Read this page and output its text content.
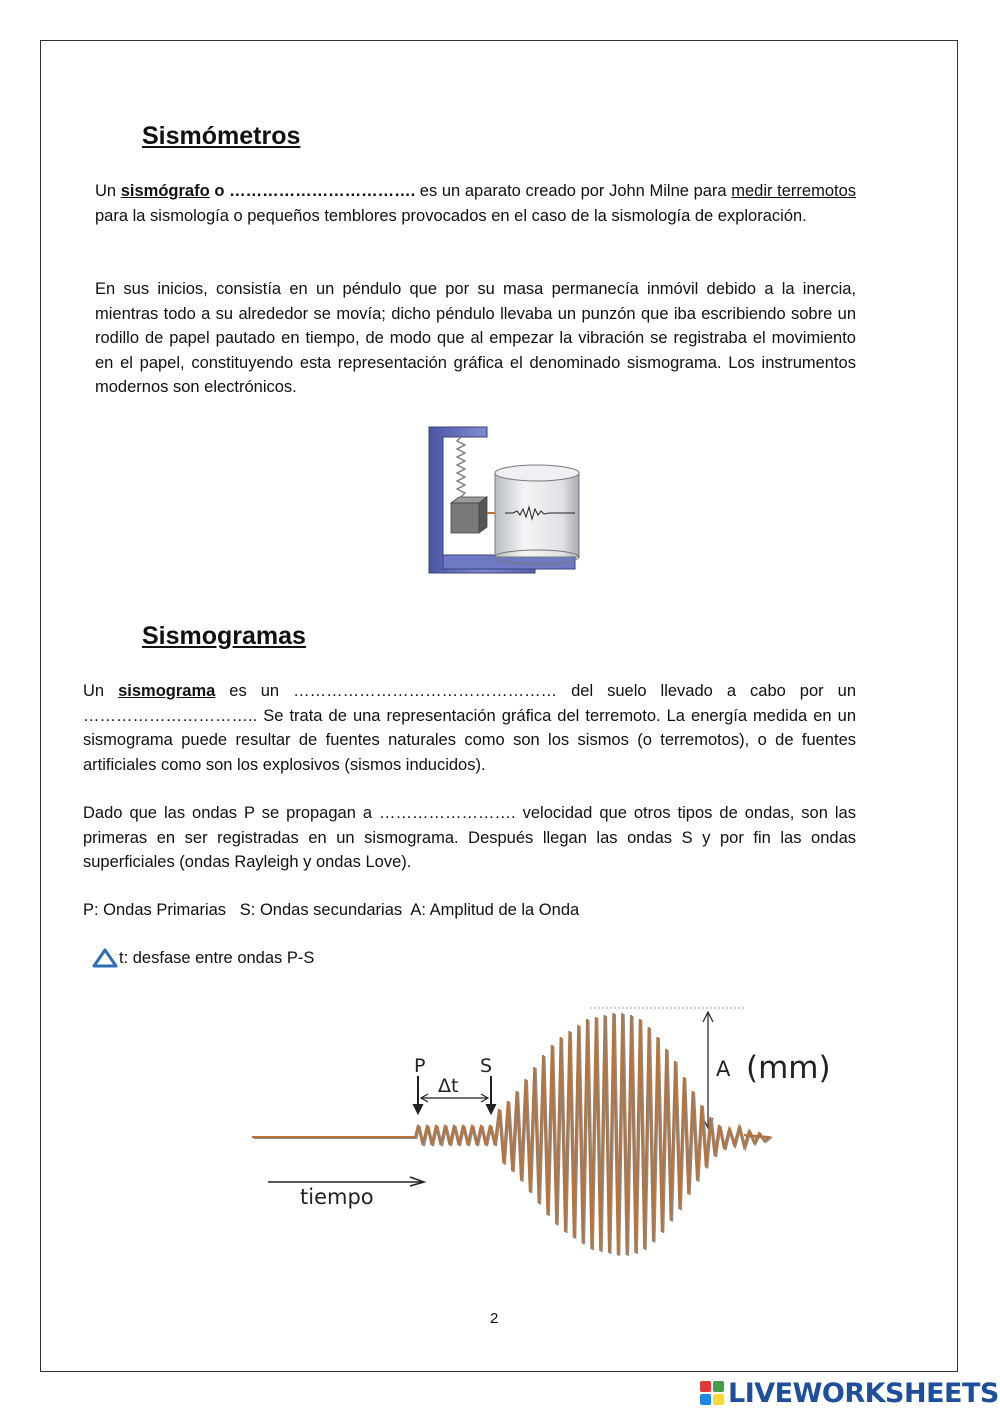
Sismómetros

Un sismógrafo o ……………………………. es un aparato creado por John Milne para medir terremotos para la sismología o pequeños temblores provocados en el caso de la sismología de exploración.

En sus inicios, consistía en un péndulo que por su masa permanecía inmóvil debido a la inercia, mientras todo a su alrededor se movía; dicho péndulo llevaba un punzón que iba escribiendo sobre un rodillo de papel pautado en tiempo, de modo que al empezar la vibración se registraba el movimiento en el papel, constituyendo esta representación gráfica el denominado sismograma. Los instrumentos modernos son electrónicos.

Sismogramas

Un sismograma es un ………………………………………… del suelo llevado a cabo por un ………………………….. Se trata de una representación gráfica del terremoto. La energía medida en un sismograma puede resultar de fuentes naturales como son los sismos (o terremotos), o de fuentes artificiales como son los explosivos (sismos inducidos).

Dado que las ondas P se propagan a ……………………. velocidad que otros tipos de ondas, son las primeras en ser registradas en un sismograma. Después llegan las ondas S y por fin las ondas superficiales (ondas Rayleigh y ondas Love).

P: Ondas Primarias   S: Ondas secundarias  A: Amplitud de la Onda

t: desfase entre ondas P-S
A (mm)
P	S
Δt
tiempo
2
LIVEWORKSHEETS
